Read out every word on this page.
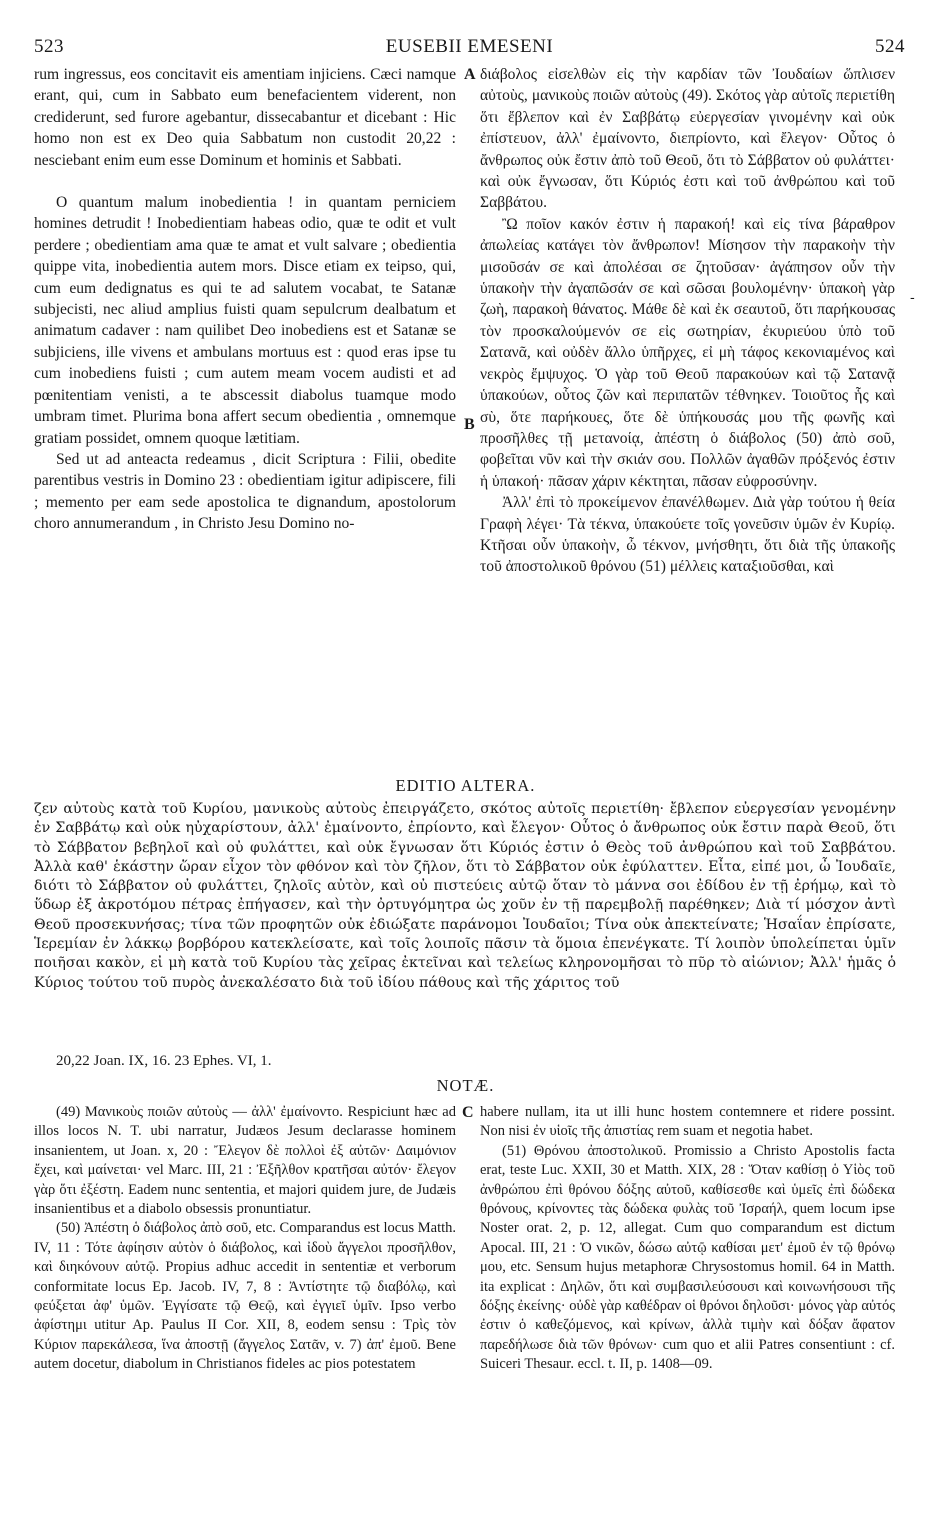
523	EUSEBII EMESENI	524

rum ingressus, eos concitavit eis amentiam injiciens. Cæci namque erant, qui, cum in Sabbato eum benefacientem viderent, non crediderunt, sed furore agebantur, dissecabantur et dicebant : Hic homo non est ex Deo quia Sabbatum non custodit 20,22 : nesciebant enim eum esse Dominum et hominis et Sabbati.

O quantum malum inobedientia ! in quantam perniciem homines detrudit ! Inobedientiam habeas odio, quæ te odit et vult perdere ; obedientiam ama quæ te amat et vult salvare ; obedientia quippe vita, inobedientia autem mors. Disce etiam ex teipso, qui, cum eum dedignatus es qui te ad salutem vocabat, te Satanæ subjecisti, nec aliud amplius fuisti quam sepulcrum dealbatum et animatum cadaver : nam quilibet Deo inobediens est et Satanæ se subjiciens, ille vivens et ambulans mortuus est : quod eras ipse tu cum inobediens fuisti ; cum autem meam vocem audisti et ad pœnitentiam venisti, a te abscessit diabolus tuamque modo umbram timet. Plurima bona affert secum obedientia , omnemque gratiam possidet, omnem quoque lætitiam.

Sed ut ad anteacta redeamus , dicit Scriptura : Filii, obedite parentibus vestris in Domino 23 : obedientiam igitur adipiscere, fili ; memento per eam sede apostolica te dignandum, apostolorum choro annumerandum , in Christo Jesu Domino no-

A
B
C
-

διάβολος εἰσελθὼν εἰς τὴν καρδίαν τῶν Ἰουδαίων ὥπλισεν αὐτοὺς, μανικοὺς ποιῶν αὐτοὺς (49). Σκότος γὰρ αὐτοῖς περιετίθη ὅτι ἔβλεπον καὶ ἐν Σαββάτῳ εὐεργεσίαν γινομένην καὶ οὐκ ἐπίστευον, ἀλλ' ἐμαίνοντο, διεπρίοντο, καὶ ἔλεγον· Οὗτος ὁ ἄνθρωπος οὐκ ἔστιν ἀπὸ τοῦ Θεοῦ, ὅτι τὸ Σάββατον οὐ φυλάττει· καὶ οὐκ ἔγνωσαν, ὅτι Κύριός ἐστι καὶ τοῦ ἀνθρώπου καὶ τοῦ Σαββάτου.

Ὢ ποῖον κακόν ἐστιν ἡ παρακοή! καὶ εἰς τίνα βάραθρον ἀπωλείας κατάγει τὸν ἄνθρωπον! Μίσησον τὴν παρακοὴν τὴν μισοῦσάν σε καὶ ἀπολέσαι σε ζητοῦσαν· ἀγάπησον οὖν τὴν ὑπακοὴν τὴν ἀγαπῶσάν σε καὶ σῶσαι βουλομένην· ὑπακοὴ γὰρ ζωὴ, παρακοὴ θάνατος. Μάθε δὲ καὶ ἐκ σεαυτοῦ, ὅτι παρήκουσας τὸν προσκαλούμενόν σε εἰς σωτηρίαν, ἐκυριεύου ὑπὸ τοῦ Σατανᾶ, καὶ οὐδὲν ἄλλο ὑπῆρχες, εἰ μὴ τάφος κεκονιαμένος καὶ νεκρὸς ἔμψυχος. Ὁ γὰρ τοῦ Θεοῦ παρακούων καὶ τῷ Σατανᾷ ὑπακούων, οὗτος ζῶν καὶ περιπατῶν τέθνηκεν. Τοιοῦτος ἧς καὶ σὺ, ὅτε παρήκουες, ὅτε δὲ ὑπήκουσάς μου τῆς φωνῆς καὶ προσῆλθες τῇ μετανοίᾳ, ἀπέστη ὁ διάβολος (50) ἀπὸ σοῦ, φοβεῖται νῦν καὶ τὴν σκιάν σου. Πολλῶν ἀγαθῶν πρόξενός ἐστιν ἡ ὑπακοή· πᾶσαν χάριν κέκτηται, πᾶσαν εὐφροσύνην.

Ἀλλ' ἐπὶ τὸ προκείμενον ἐπανέλθωμεν. Διὰ γὰρ τούτου ἡ θεία Γραφὴ λέγει· Τὰ τέκνα, ὑπακούετε τοῖς γονεῦσιν ὑμῶν ἐν Κυρίῳ. Κτῆσαι οὖν ὑπακοὴν, ὦ τέκνον, μνήσθητι, ὅτι διὰ τῆς ὑπακοῆς τοῦ ἀποστολικοῦ θρόνου (51) μέλλεις καταξιοῦσθαι, καὶ

EDITIO ALTERA.

ζεν αὐτοὺς κατὰ τοῦ Κυρίου, μανικοὺς αὐτοὺς ἐπειργάζετο, σκότος αὐτοῖς περιετίθη· ἔβλεπον εὐεργεσίαν γενομένην ἐν Σαββάτῳ καὶ οὐκ ηὐχαρίστουν, ἀλλ' ἐμαίνοντο, ἐπρίοντο, καὶ ἔλεγον· Οὗτος ὁ ἄνθρωπος οὐκ ἔστιν παρὰ Θεοῦ, ὅτι τὸ Σάββατον βεβηλοῖ καὶ οὐ φυλάττει, καὶ οὐκ ἔγνωσαν ὅτι Κύριός ἐστιν ὁ Θεὸς τοῦ ἀνθρώπου καὶ τοῦ Σαββάτου. Ἀλλὰ καθ' ἑκάστην ὥραν εἶχον τὸν φθόνον καὶ τὸν ζῆλον, ὅτι τὸ Σάββατον οὐκ ἐφύλαττεν. Εἶτα, εἰπέ μοι, ὦ Ἰουδαῖε, διότι τὸ Σάββατον οὐ φυλάττει, ζηλοῖς αὐτὸν, καὶ οὐ πιστεύεις αὐτῷ ὅταν τὸ μάννα σοι ἐδίδου ἐν τῇ ἐρήμῳ, καὶ τὸ ὕδωρ ἐξ ἀκροτόμου πέτρας ἐπήγασεν, καὶ τὴν ὀρτυγόμητρα ὡς χοῦν ἐν τῇ παρεμβολῇ παρέθηκεν; Διὰ τί μόσχον ἀντὶ Θεοῦ προσεκυνήσας; τίνα τῶν προφητῶν οὐκ ἐδιώξατε παράνομοι Ἰουδαῖοι; Τίνα οὐκ ἀπεκτείνατε; Ἡσαΐαν ἐπρίσατε, Ἱερεμίαν ἐν λάκκῳ βορβόρου κατεκλείσατε, καὶ τοῖς λοιποῖς πᾶσιν τὰ ὅμοια ἐπενέγκατε. Τί λοιπὸν ὑπολείπεται ὑμῖν ποιῆσαι κακὸν, εἰ μὴ κατὰ τοῦ Κυρίου τὰς χεῖρας ἐκτεῖναι καὶ τελείως κληρονομῆσαι τὸ πῦρ τὸ αἰώνιον; Ἀλλ' ἡμᾶς ὁ Κύριος τούτου τοῦ πυρὸς ἀνεκαλέσατο διὰ τοῦ ἰδίου πάθους καὶ τῆς χάριτος τοῦ

20,22 Joan. IX, 16. 23 Ephes. VI, 1.
NOTÆ.

(49) Μανικοὺς ποιῶν αὐτοὺς — ἀλλ' ἐμαίνοντο. Respiciunt hæc ad illos locos N. T. ubi narratur, Judæos Jesum declarasse hominem insanientem, ut Joan. x, 20 : Ἔλεγον δὲ πολλοὶ ἐξ αὐτῶν· Δαιμόνιον ἔχει, καὶ μαίνεται· vel Marc. III, 21 : Ἐξῆλθον κρατῆσαι αὐτόν· ἔλεγον γὰρ ὅτι ἐξέστη. Eadem nunc sententia, et majori quidem jure, de Judæis insanientibus et a diabolo obsessis pronuntiatur.

(50) Ἀπέστη ὁ διάβολος ἀπὸ σοῦ, etc. Comparandus est locus Matth. IV, 11 : Τότε ἀφίησιν αὐτὸν ὁ διάβολος, καὶ ἰδοὺ ἄγγελοι προσῆλθον, καὶ διηκόνουν αὐτῷ. Propius adhuc accedit in sententiæ et verborum conformitate locus Ep. Jacob. IV, 7, 8 : Ἀντίστητε τῷ διαβόλῳ, καὶ φεύξεται ἀφ' ὑμῶν. Ἐγγίσατε τῷ Θεῷ, καὶ ἐγγιεῖ ὑμῖν. Ipso verbo ἀφίστημι utitur Ap. Paulus II Cor. XII, 8, eodem sensu : Τρὶς τὸν Κύριον παρεκάλεσα, ἵνα ἀποστῇ (ἄγγελος Σατᾶν, v. 7) ἀπ' ἐμοῦ. Bene autem docetur, diabolum in Christianos fideles ac pios potestatem

habere nullam, ita ut illi hunc hostem contemnere et ridere possint. Non nisi ἐν υἱοῖς τῆς ἀπιστίας rem suam et negotia habet.

(51) Θρόνου ἀποστολικοῦ. Promissio a Christo Apostolis facta erat, teste Luc. XXII, 30 et Matth. XIX, 28 : Ὅταν καθίσῃ ὁ Υἱὸς τοῦ ἀνθρώπου ἐπὶ θρόνου δόξης αὐτοῦ, καθίσεσθε καὶ ὑμεῖς ἐπὶ δώδεκα θρόνους, κρίνοντες τὰς δώδεκα φυλὰς τοῦ Ἰσραήλ, quem locum ipse Noster orat. 2, p. 12, allegat. Cum quo comparandum est dictum Apocal. III, 21 : Ὁ νικῶν, δώσω αὐτῷ καθίσαι μετ' ἐμοῦ ἐν τῷ θρόνῳ μου, etc. Sensum hujus metaphoræ Chrysostomus homil. 64 in Matth. ita explicat : Δηλῶν, ὅτι καὶ συμβασιλεύσουσι καὶ κοινωνήσουσι τῆς δόξης ἐκείνης· οὐδὲ γὰρ καθέδραν οἱ θρόνοι δηλοῦσι· μόνος γὰρ αὐτός ἐστιν ὁ καθεζόμενος, καὶ κρίνων, ἀλλὰ τιμὴν καὶ δόξαν ἄφατον παρεδήλωσε διὰ τῶν θρόνων· cum quo et alii Patres consentiunt : cf. Suiceri Thesaur. eccl. t. II, p. 1408—09.
